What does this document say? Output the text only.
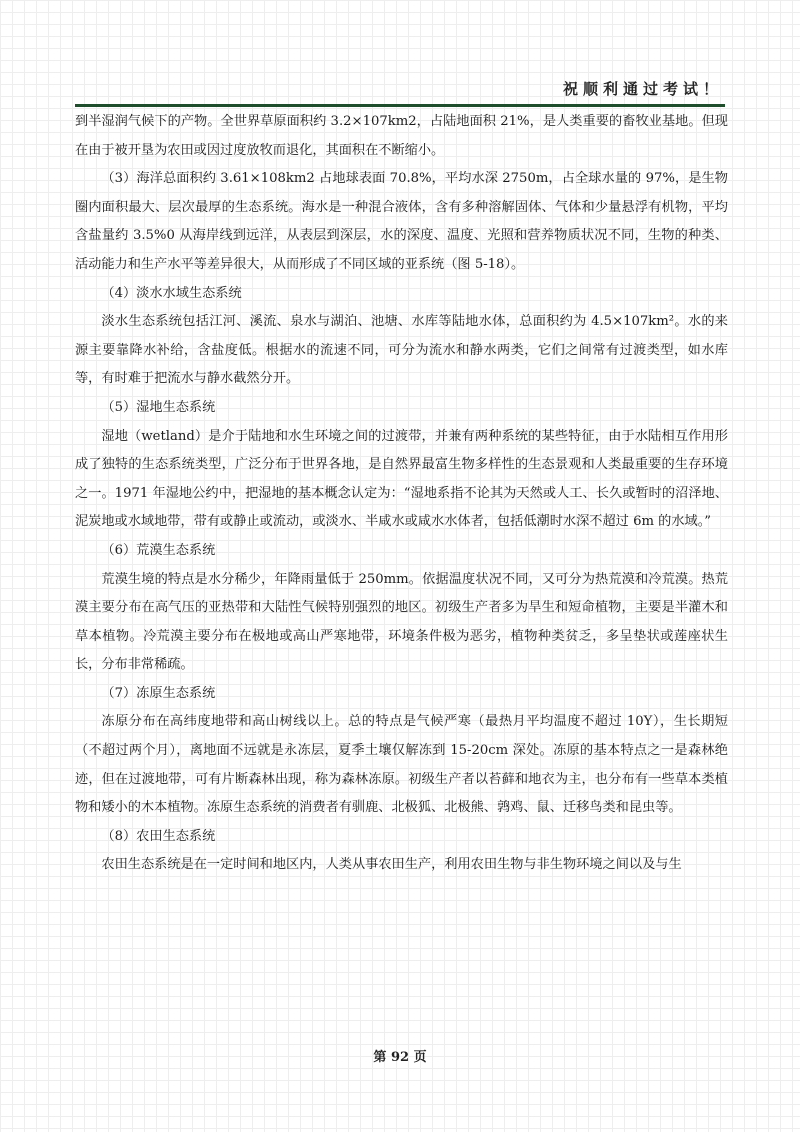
祝顺利通过考试！

到半湿润气候下的产物。全世界草原面积约 3.2×107km2，占陆地面积 21%，是人类重要的畜牧业基地。但现在由于被开垦为农田或因过度放牧而退化，其面积在不断缩小。

（3）海洋总面积约 3.61×108km2 占地球表面 70.8%，平均水深 2750m，占全球水量的 97%，是生物圈内面积最大、层次最厚的生态系统。海水是一种混合液体，含有多种溶解固体、气体和少量悬浮有机物，平均含盐量约 3.5%0 从海岸线到远洋，从表层到深层，水的深度、温度、光照和营养物质状况不同，生物的种类、活动能力和生产水平等差异很大，从而形成了不同区域的亚系统（图 5-18）。

（4）淡水水域生态系统

淡水生态系统包括江河、溪流、泉水与湖泊、池塘、水库等陆地水体，总面积约为 4.5×107km²。水的来源主要靠降水补给，含盐度低。根据水的流速不同，可分为流水和静水两类，它们之间常有过渡类型，如水库等，有时难于把流水与静水截然分开。

（5）湿地生态系统

湿地（wetland）是介于陆地和水生环境之间的过渡带，并兼有两种系统的某些特征，由于水陆相互作用形成了独特的生态系统类型，广泛分布于世界各地，是自然界最富生物多样性的生态景观和人类最重要的生存环境之一。1971 年湿地公约中，把湿地的基本概念认定为：“湿地系指不论其为天然或人工、长久或暂时的沼泽地、泥炭地或水域地带，带有或静止或流动，或淡水、半咸水或咸水水体者，包括低潮时水深不超过 6m 的水域。”

（6）荒漠生态系统

荒漠生境的特点是水分稀少，年降雨量低于 250mm。依据温度状况不同，又可分为热荒漠和冷荒漠。热荒漠主要分布在高气压的亚热带和大陆性气候特别强烈的地区。初级生产者多为旱生和短命植物，主要是半灌木和草本植物。冷荒漠主要分布在极地或高山严寒地带，环境条件极为恶劣，植物种类贫乏，多呈垫状或莲座状生长，分布非常稀疏。

（7）冻原生态系统

冻原分布在高纬度地带和高山树线以上。总的特点是气候严寒（最热月平均温度不超过 10Y），生长期短（不超过两个月），离地面不远就是永冻层，夏季土壤仅解冻到 15-20cm 深处。冻原的基本特点之一是森林绝迹，但在过渡地带，可有片断森林出现，称为森林冻原。初级生产者以苔藓和地衣为主，也分布有一些草本类植物和矮小的木本植物。冻原生态系统的消费者有驯鹿、北极狐、北极熊、鹑鸡、鼠、迁移鸟类和昆虫等。

（8）农田生态系统

农田生态系统是在一定时间和地区内，人类从事农田生产，利用农田生物与非生物环境之间以及与生

第 92 页
